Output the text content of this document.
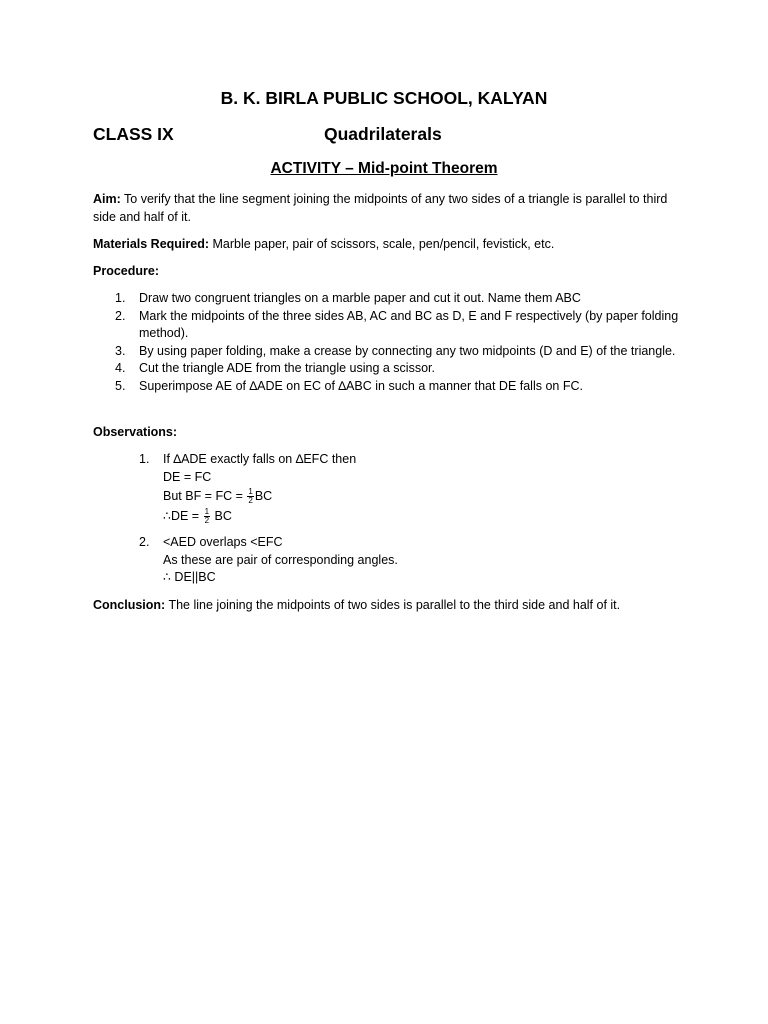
B. K. BIRLA PUBLIC SCHOOL, KALYAN
CLASS IX	Quadrilaterals
ACTIVITY – Mid-point Theorem
Aim: To verify that the line segment joining the midpoints of any two sides of a triangle is parallel to third side and half of it.
Materials Required: Marble paper, pair of scissors, scale, pen/pencil, fevistick, etc.
Procedure:
1. Draw two congruent triangles on a marble paper and cut it out. Name them ABC
2. Mark the midpoints of the three sides AB, AC and BC as D, E and F respectively (by paper folding method).
3. By using paper folding, make a crease by connecting any two midpoints (D and E) of the triangle.
4. Cut the triangle ADE from the triangle using a scissor.
5. Superimpose AE of ∆ADE on EC of ∆ABC in such a manner that DE falls on FC.
Observations:
1.	If ∆ADE exactly falls on ∆EFC then
DE = FC
But BF = FC = $\frac{1}{2}$ BC
∴DE = $\frac{1}{2}$ BC
2.	<AED overlaps <EFC
As these are pair of corresponding angles.
∴ DE||BC
Conclusion: The line joining the midpoints of two sides is parallel to the third side and half of it.
